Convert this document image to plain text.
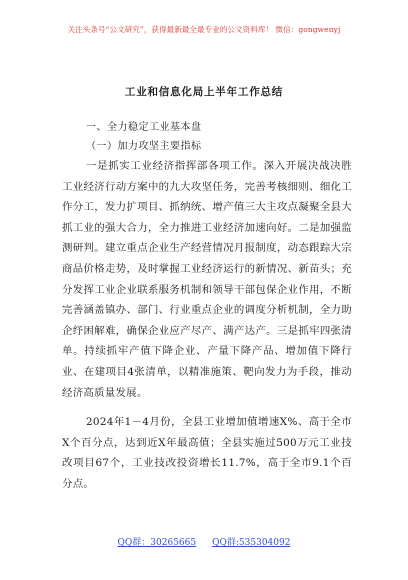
关注头条号“公文研究”，获得最新最全最专业的公文资料库！ 微信：gongwenyj
工业和信息化局上半年工作总结
一、全力稳定工业基本盘
（一）加力攻坚主要指标

一是抓实工业经济指挥部各项工作。深入开展决战决胜工业经济行动方案中的九大攻坚任务，完善考核细则、细化工作分工，发力扩项目、抓纳统、增产值三大主攻点凝聚全县大抓工业的强大合力，全力推进工业经济加速向好。二是加强监测研判。建立重点企业生产经营情况月报制度，动态跟踪大宗商品价格走势，及时掌握工业经济运行的新情况、新苗头；充分发挥工业企业联系服务机制和领导干部包保企业作用，不断完善涵盖镇办、部门、行业重点企业的调度分析机制，全力助企纾困解难，确保企业应产尽产、满产达产。三是抓牢四张清单。持续抓牢产值下降企业、产量下降产品、增加值下降行业、在建项目4张清单，以精准施策、靶向发力为手段，推动经济高质量发展。

2024年1－4月份，全县工业增加值增速X%、高于全市X个百分点，达到近X年最高值；全县实施过500万元工业技改项目67个，工业技改投资增长11.7%，高于全市9.1个百分点。

QQ群：30265665 QQ群:535304092
